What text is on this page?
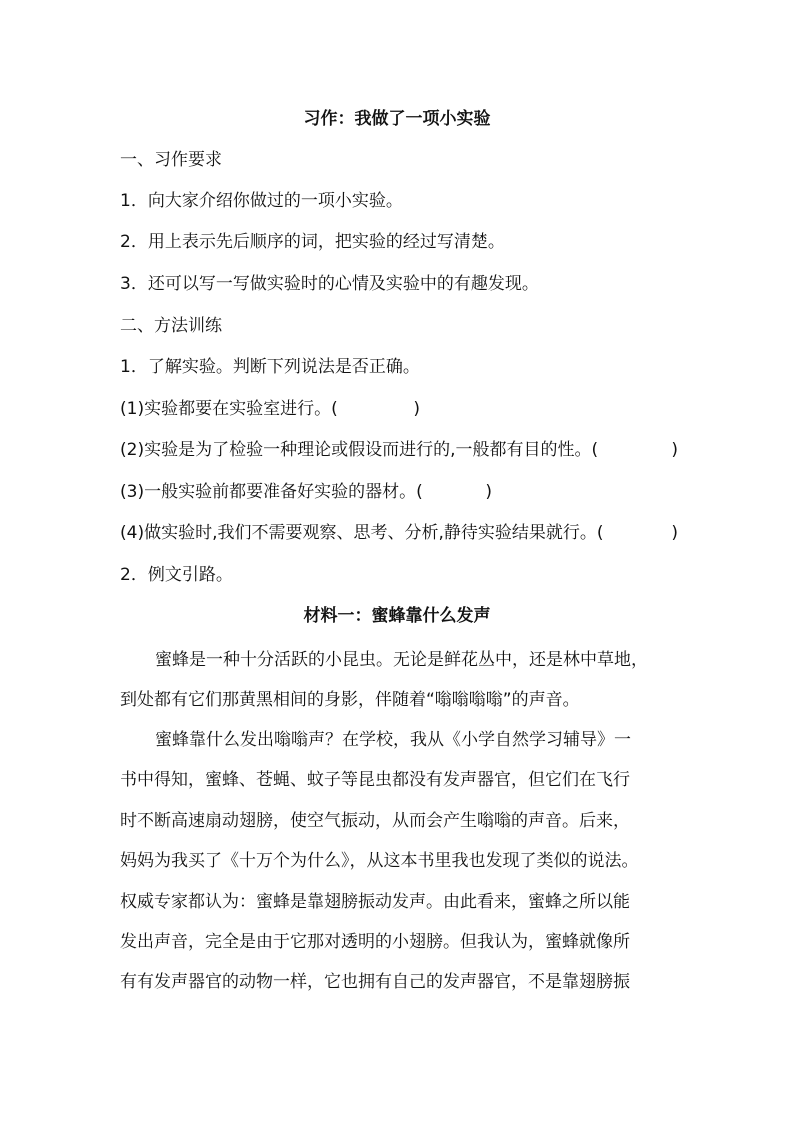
习作：我做了一项小实验
一、习作要求
1．向大家介绍你做过的一项小实验。
2．用上表示先后顺序的词，把实验的经过写清楚。
3．还可以写一写做实验时的心情及实验中的有趣发现。
二、方法训练
1．了解实验。判断下列说法是否正确。
(1)实验都要在实验室进行。(	)
(2)实验是为了检验一种理论或假设而进行的,一般都有目的性。(	)
(3)一般实验前都要准备好实验的器材。(	)
(4)做实验时,我们不需要观察、思考、分析,静待实验结果就行。(	)
2．例文引路。
材料一：蜜蜂靠什么发声
蜜蜂是一种十分活跃的小昆虫。无论是鲜花丛中，还是林中草地，
到处都有它们那黄黑相间的身影，伴随着“嗡嗡嗡嗡”的声音。
蜜蜂靠什么发出嗡嗡声？在学校，我从《小学自然学习辅导》一
书中得知，蜜蜂、苍蝇、蚊子等昆虫都没有发声器官，但它们在飞行
时不断高速扇动翅膀，使空气振动，从而会产生嗡嗡的声音。后来，
妈妈为我买了《十万个为什么》，从这本书里我也发现了类似的说法。
权威专家都认为：蜜蜂是靠翅膀振动发声。由此看来，蜜蜂之所以能
发出声音，完全是由于它那对透明的小翅膀。但我认为，蜜蜂就像所
有有发声器官的动物一样，它也拥有自己的发声器官，不是靠翅膀振
